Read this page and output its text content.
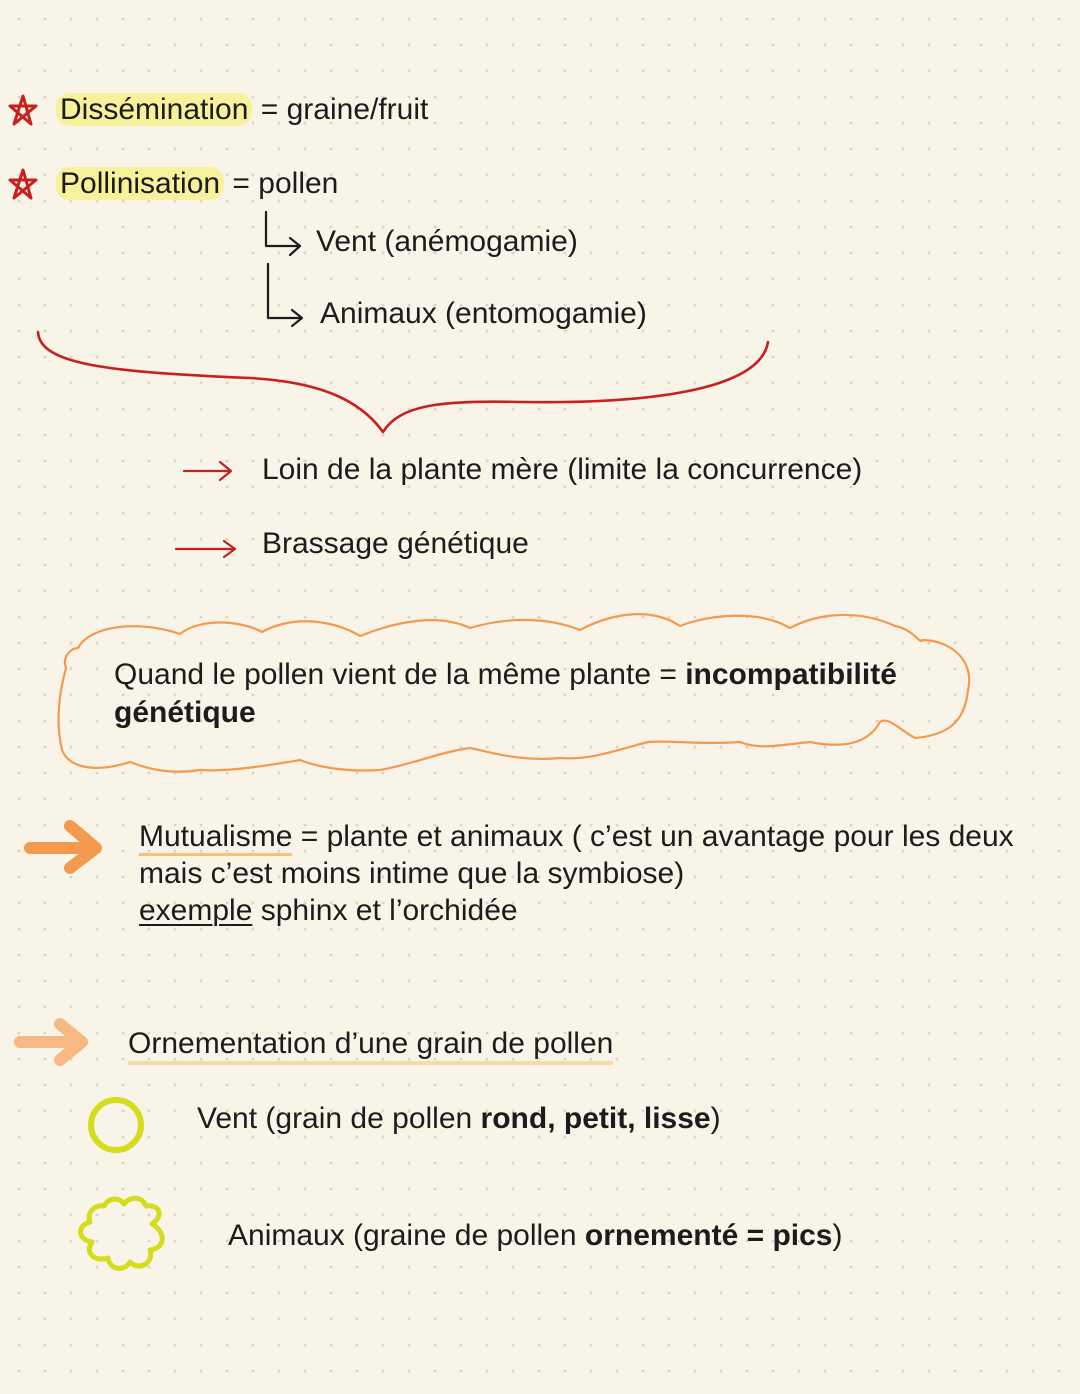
Dissémination = graine/fruit

Pollinisation = pollen

Vent (anémogamie)

Animaux (entomogamie)

Loin de la plante mère (limite la concurrence)

Brassage génétique

Quand le pollen vient de la même plante = incompatibilité
génétique
Mutualisme = plante et animaux ( c’est un avantage pour les deux
mais c’est moins intime que la symbiose)
exemple sphinx et l’orchidée

Ornementation d’une grain de pollen

Vent (grain de pollen rond, petit, lisse)

Animaux (graine de pollen ornementé = pics)
